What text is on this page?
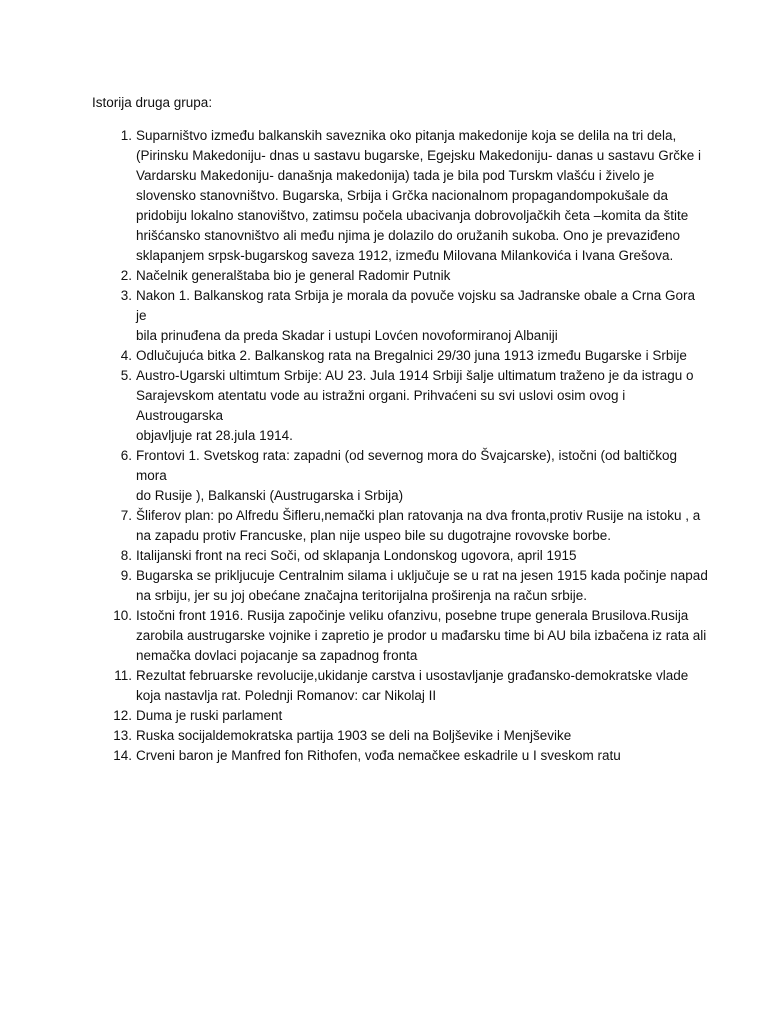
Istorija druga grupa:
1. Suparništvo između balkanskih saveznika oko pitanja makedonije koja se delila na tri dela,
(Pirinsku Makedoniju- dnas u sastavu bugarske, Egejsku Makedoniju- danas u sastavu Grčke i
Vardarsku Makedoniju- današnja makedonija) tada je bila pod Turskm vlašću i živelo je
slovensko stanovništvo. Bugarska, Srbija i Grčka nacionalnom propagandompokušale da
pridobiju lokalno stanovištvo, zatimsu počela ubacivanja dobrovoljačkih četa –komita da štite
hrišćansko stanovništvo ali među njima je dolazilo do oružanih sukoba. Ono je prevaziđeno
sklapanjem srpsk-bugarskog saveza 1912, između Milovana Milankovića i Ivana Grešova.
2. Načelnik generalštaba bio je general Radomir Putnik
3. Nakon 1. Balkanskog rata Srbija je morala da povuče vojsku sa Jadranske obale a Crna Gora je
bila prinuđena da preda Skadar i ustupi Lovćen novoformiranoj Albaniji
4. Odlučujuća bitka 2. Balkanskog rata na Bregalnici 29/30 juna 1913 između Bugarske i Srbije
5. Austro-Ugarski ultimtum Srbije: AU 23. Jula 1914 Srbiji šalje ultimatum traženo je da istragu o
Sarajevskom atentatu vode au istražni organi. Prihvaćeni su svi uslovi osim ovog i Austrougarska
objavljuje rat 28.jula 1914.
6. Frontovi 1. Svetskog rata: zapadni (od severnog mora do Švajcarske), istočni (od baltičkog mora
do Rusije ), Balkanski (Austrugarska i Srbija)
7. Šliferov plan: po Alfredu Šifleru,nemački plan ratovanja na dva fronta,protiv Rusije na istoku , a
na zapadu protiv Francuske, plan nije uspeo bile su dugotrajne rovovske borbe.
8. Italijanski front na reci Soči, od sklapanja Londonskog ugovora, april 1915
9. Bugarska se prikljucuje Centralnim silama i uključuje se u rat na jesen 1915 kada počinje napad
na srbiju, jer su joj obećane značajna teritorijalna proširenja na račun srbije.
10. Istočni front 1916. Rusija započinje veliku ofanzivu, posebne trupe generala Brusilova.Rusija
zarobila austrugarske vojnike i zapretio je prodor u mađarsku time bi AU bila izbačena iz rata ali
nemačka dovlaci pojacanje sa zapadnog fronta
11. Rezultat februarske revolucije,ukidanje carstva i usostavljanje građansko-demokratske vlade
koja nastavlja rat. Polednji Romanov: car Nikolaj II
12. Duma je ruski parlament
13. Ruska socijaldemokratska partija 1903 se deli na Boljševike i Menjševike
14. Crveni baron je Manfred fon Rithofen, vođa nemačkee eskadrile u I sveskom ratu
